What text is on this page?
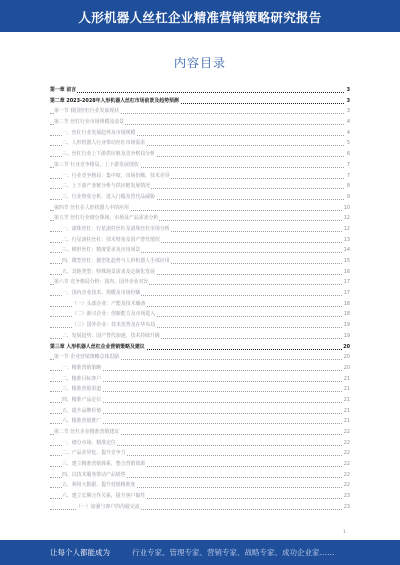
人形机器人丝杠企业精准营销策略研究报告
内容目录
第一章 前言	3
第二章 2023-2028年人形机器人丝杠市场前景及趋势预测	3
第一节 我国丝杠行业发展现状	3
第二节 丝杠行业市场规模及前景	4
一、丝杠行业发展趋势及市场规模	4
二、人形机器人行业带动丝杠市场需求	5
三、丝杠行业上下游供应链及竞争格局分析	6
第三节 行业竞争格局，上下游发展现状	7
一、行业竞争格局：集中度，市场份额，技术差异	7
二、上下游产业链分析与供应链发展情况	8
三、行业壁垒分析，进入门槛及替代品威胁	9
第四节 丝杠在人形机器人中的应用	10
第五节 丝杠行业细分领域，市场及产品需求分析	12
一、滚珠丝杠：行星滚柱丝杠及滚珠丝杠市场分析	12
二、行星滚柱丝杠：技术壁垒及国产替代情况	13
三、梯形丝杠：精度要求及应用场景	14
四、微型丝杠：微型化趋势与人形机器人手部应用	15
五、其他类型：特殊场景需求及定制化发展	16
第六节 竞争格局分析：国内、国外企业对比	17
一、国内企业技术、规模及市场份额	17
（一）头部企业：产能及技术储备	18
（二）新兴企业：创新能力及市场进入	18
（三）国外企业：技术优势及在华布局	19
二、发展趋势：国产替代加速，技术持续升级	19
第三章 人形机器人丝杠企业营销策略及建议	20
第一节 企业营销策略总体思路	20
一、精准营销策略	20
二、精准目标客户	21
三、精准营销渠道	21
四、精准产品定位	21
五、提升品牌价值	21
六、精准营销推广	21
第二节 丝杠企业精准营销建议	22
一、细分市场，精准定位	22
二、产品差异化，提升竞争力	22
三、建立精准营销体系，整合营销资源	22
四、以技术服务带动产品销售	22
五、利用大数据，提升营销精准度	22
六、建立长期合作关系，提升客户黏性	23
（一）加强与客户的沟通交流	23
1
让每个人都能成为	行业专家、管理专家、营销专家、战略专家、成功企业家……
